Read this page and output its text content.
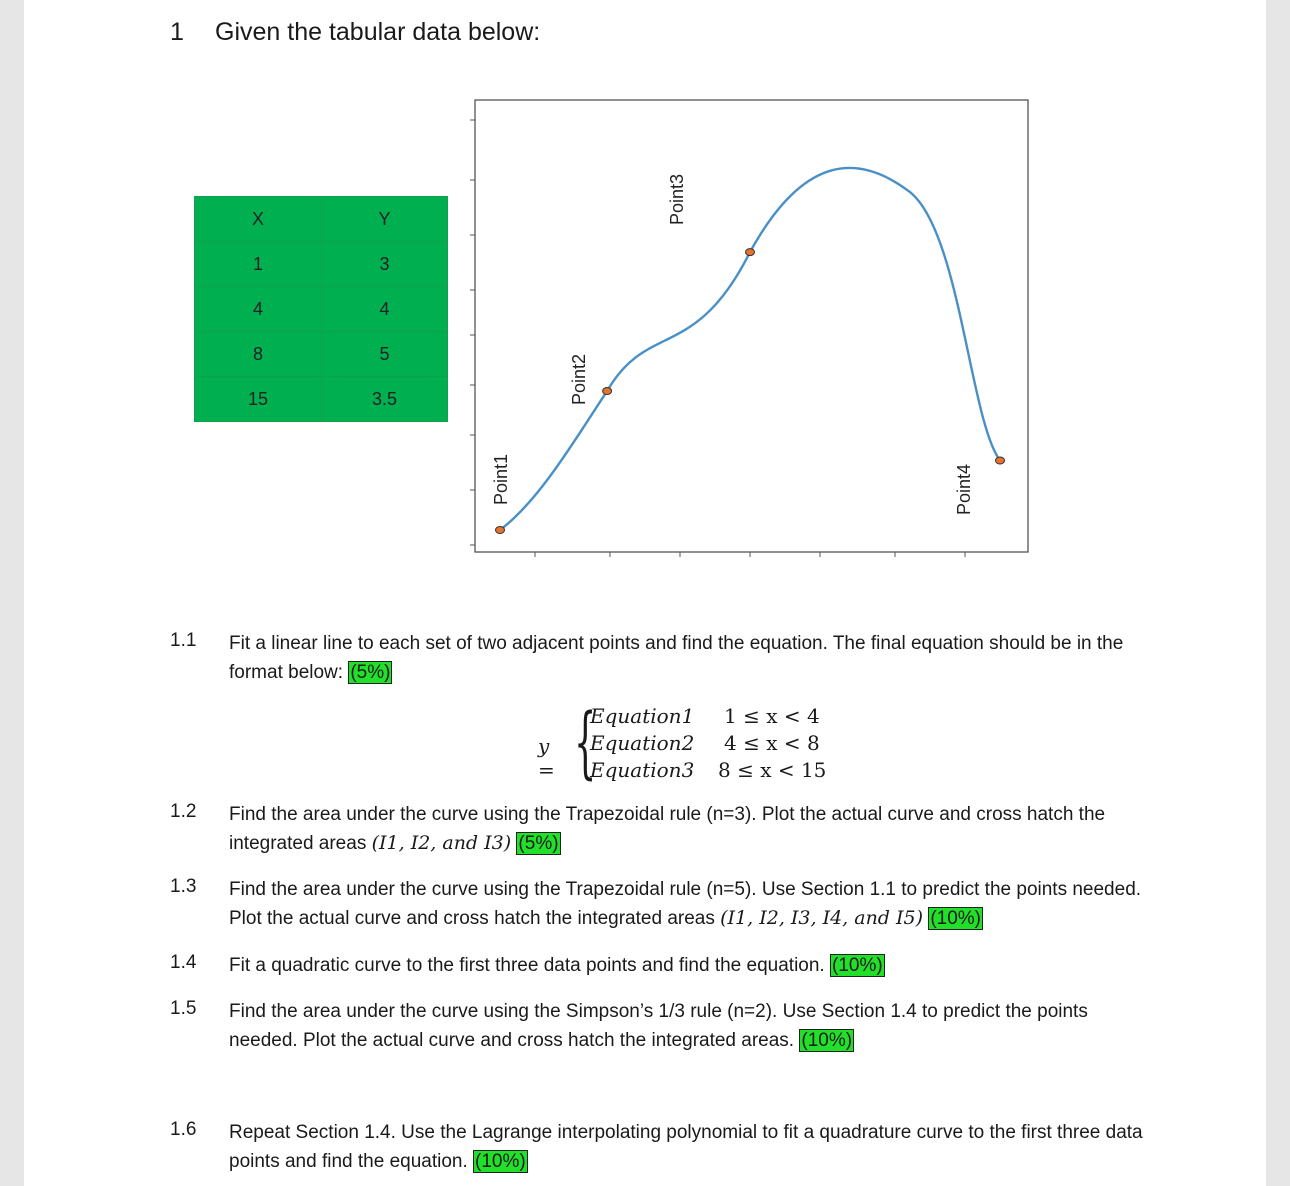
1 Given the tabular data below:
X	Y
1	3
4	4
8	5
15	3.5
Point1
Point2
Point3
Point4
1.1 Fit a linear line to each set of two adjacent points and find the equation. The final equation should be in the format below: (5%)
y = {
Equation1 1 ≤ x < 4
Equation2 4 ≤ x < 8
Equation3 8 ≤ x < 15
1.2 Find the area under the curve using the Trapezoidal rule (n=3). Plot the actual curve and cross hatch the integrated areas (I1, I2, and I3) (5%)
1.3 Find the area under the curve using the Trapezoidal rule (n=5). Use Section 1.1 to predict the points needed. Plot the actual curve and cross hatch the integrated areas (I1, I2, I3, I4, and I5) (10%)
1.4 Fit a quadratic curve to the first three data points and find the equation. (10%)
1.5 Find the area under the curve using the Simpson’s 1/3 rule (n=2). Use Section 1.4 to predict the points needed. Plot the actual curve and cross hatch the integrated areas. (10%)
1.6 Repeat Section 1.4. Use the Lagrange interpolating polynomial to fit a quadrature curve to the first three data points and find the equation. (10%)
